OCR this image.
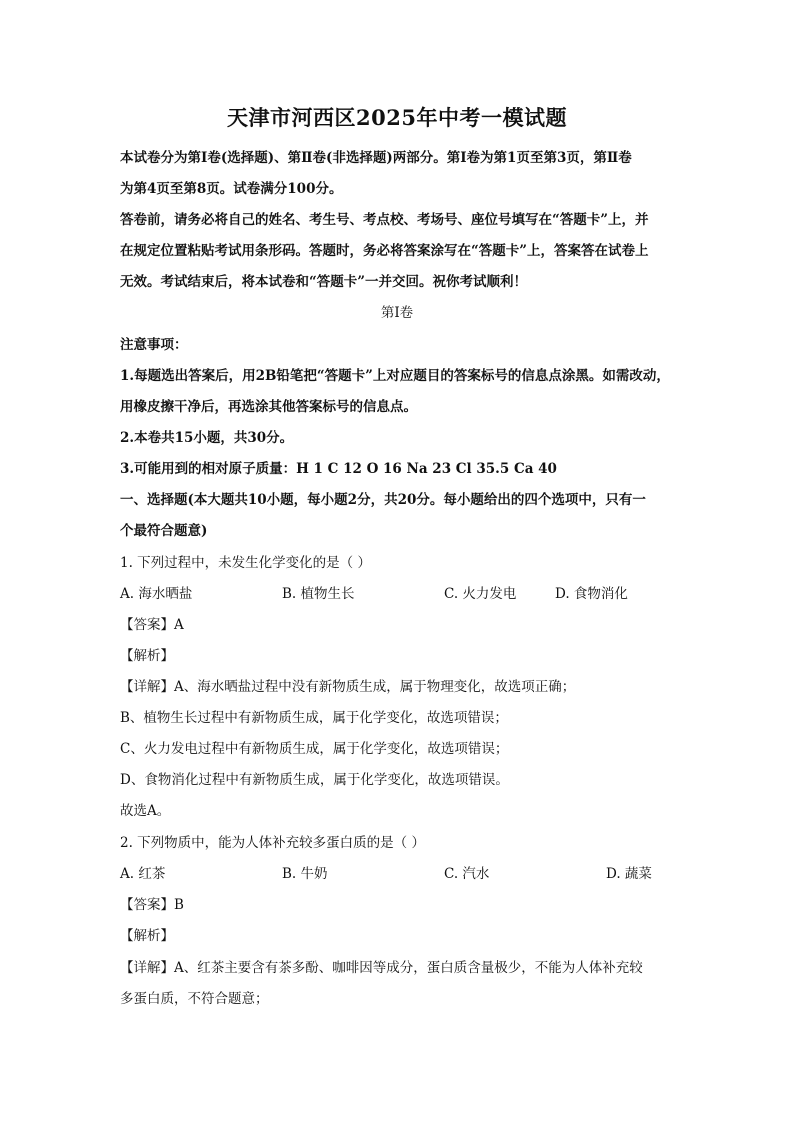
天津市河西区2025年中考一模试题
本试卷分为第Ⅰ卷(选择题)、第Ⅱ卷(非选择题)两部分。第Ⅰ卷为第1页至第3页，第Ⅱ卷
为第4页至第8页。试卷满分100分。
答卷前，请务必将自己的姓名、考生号、考点校、考场号、座位号填写在“答题卡”上，并
在规定位置粘贴考试用条形码。答题时，务必将答案涂写在“答题卡”上，答案答在试卷上
无效。考试结束后，将本试卷和“答题卡”一并交回。祝你考试顺利！
第Ⅰ卷
注意事项：
1.每题选出答案后，用2B铅笔把“答题卡”上对应题目的答案标号的信息点涂黑。如需改动，
用橡皮擦干净后，再选涂其他答案标号的信息点。
2.本卷共15小题，共30分。
3.可能用到的相对原子质量：H 1 C 12 O 16 Na 23 Cl 35.5 Ca 40
一、选择题(本大题共10小题，每小题2分，共20分。每小题给出的四个选项中，只有一
个最符合题意)
1. 下列过程中，未发生化学变化的是（ ）
A. 海水晒盐	B. 植物生长	C. 火力发电	D. 食物消化
【答案】A
【解析】
【详解】A、海水晒盐过程中没有新物质生成，属于物理变化，故选项正确；
B、植物生长过程中有新物质生成，属于化学变化，故选项错误；
C、火力发电过程中有新物质生成，属于化学变化，故选项错误；
D、食物消化过程中有新物质生成，属于化学变化，故选项错误。
故选A。
2. 下列物质中，能为人体补充较多蛋白质的是（ ）
A. 红茶	B. 牛奶	C. 汽水	D. 蔬菜
【答案】B
【解析】
【详解】A、红茶主要含有茶多酚、咖啡因等成分，蛋白质含量极少，不能为人体补充较
多蛋白质，不符合题意；
